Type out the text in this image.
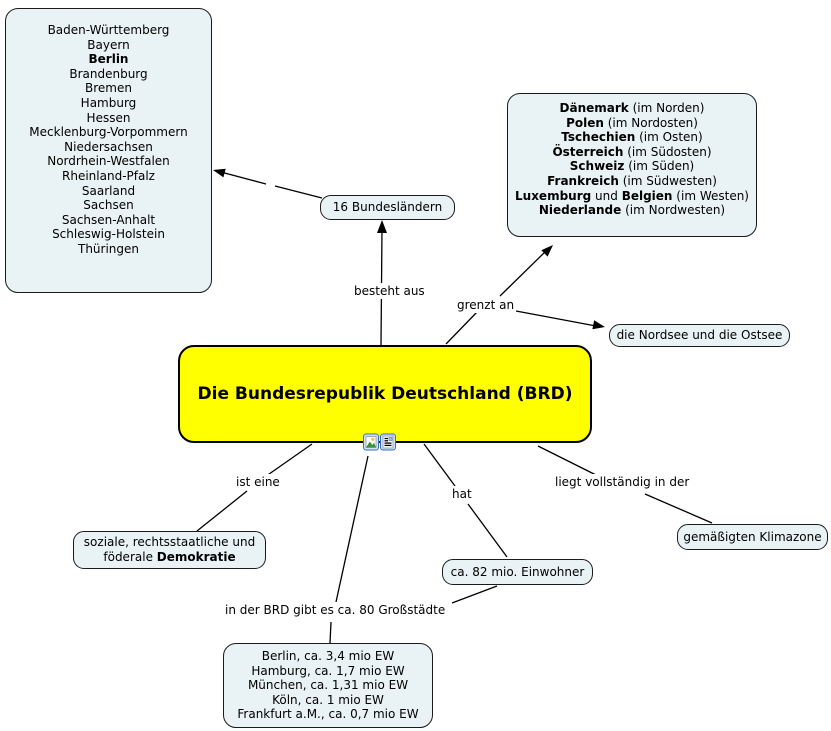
Baden-Württemberg
Bayern
Berlin
Brandenburg
Bremen
Hamburg
Hessen
Mecklenburg-Vorpommern
Niedersachsen
Nordrhein-Westfalen
Rheinland-Pfalz
Saarland
Sachsen
Sachsen-Anhalt
Schleswig-Holstein
Thüringen
Dänemark (im Norden)
Polen (im Nordosten)
Tschechien (im Osten)
Österreich (im Südosten)
Schweiz (im Süden)
Frankreich (im Südwesten)
Luxemburg und Belgien (im Westen)
Niederlande (im Nordwesten)
16 Bundesländern
die Nordsee und die Ostsee
Die Bundesrepublik Deutschland (BRD)
soziale, rechtsstaatliche und
föderale Demokratie
ca. 82 mio. Einwohner
gemäßigten Klimazone
Berlin, ca. 3,4 mio EW
Hamburg, ca. 1,7 mio EW
München, ca. 1,31 mio EW
Köln, ca. 1 mio EW
Frankfurt a.M., ca. 0,7 mio EW
besteht aus
grenzt an
ist eine
hat
liegt vollständig in der
in der BRD gibt es ca. 80 Großstädte
